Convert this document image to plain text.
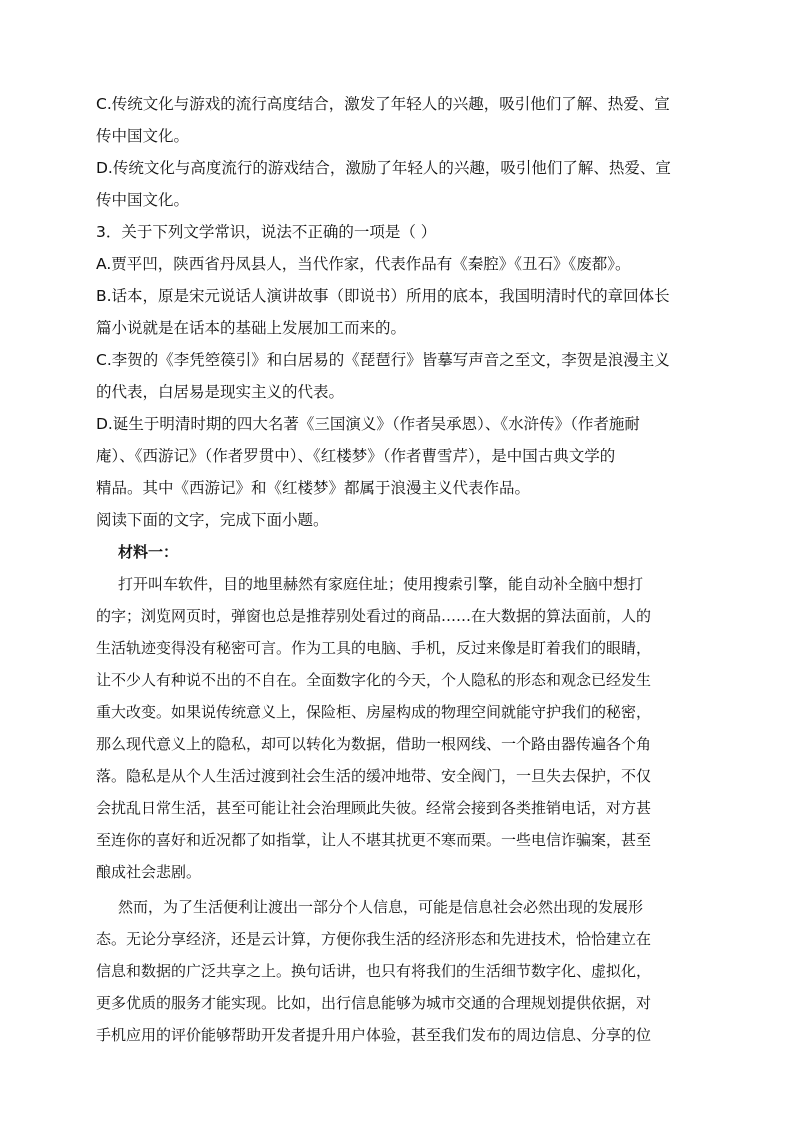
C.传统文化与游戏的流行高度结合，激发了年轻人的兴趣，吸引他们了解、热爱、宣
传中国文化。
D.传统文化与高度流行的游戏结合，激励了年轻人的兴趣，吸引他们了解、热爱、宣
传中国文化。
3．关于下列文学常识，说法不正确的一项是（ ）
A.贾平凹，陕西省丹凤县人，当代作家，代表作品有《秦腔》《丑石》《废都》。
B.话本，原是宋元说话人演讲故事（即说书）所用的底本，我国明清时代的章回体长
篇小说就是在话本的基础上发展加工而来的。
C.李贺的《李凭箜篌引》和白居易的《琵琶行》皆摹写声音之至文，李贺是浪漫主义
的代表，白居易是现实主义的代表。
D.诞生于明清时期的四大名著《三国演义》（作者吴承恩）、《水浒传》（作者施耐
庵）、《西游记》（作者罗贯中）、《红楼梦》（作者曹雪芹），是中国古典文学的
精品。其中《西游记》和《红楼梦》都属于浪漫主义代表作品。
阅读下面的文字，完成下面小题。
材料一：
打开叫车软件，目的地里赫然有家庭住址；使用搜索引擎，能自动补全脑中想打
的字；浏览网页时，弹窗也总是推荐别处看过的商品……在大数据的算法面前，人的
生活轨迹变得没有秘密可言。作为工具的电脑、手机，反过来像是盯着我们的眼睛，
让不少人有种说不出的不自在。全面数字化的今天，个人隐私的形态和观念已经发生
重大改变。如果说传统意义上，保险柜、房屋构成的物理空间就能守护我们的秘密，
那么现代意义上的隐私，却可以转化为数据，借助一根网线、一个路由器传遍各个角
落。隐私是从个人生活过渡到社会生活的缓冲地带、安全阀门，一旦失去保护，不仅
会扰乱日常生活，甚至可能让社会治理顾此失彼。经常会接到各类推销电话，对方甚
至连你的喜好和近况都了如指掌，让人不堪其扰更不寒而栗。一些电信诈骗案，甚至
酿成社会悲剧。
然而，为了生活便利让渡出一部分个人信息，可能是信息社会必然出现的发展形
态。无论分享经济，还是云计算，方便你我生活的经济形态和先进技术，恰恰建立在
信息和数据的广泛共享之上。换句话讲，也只有将我们的生活细节数字化、虚拟化，
更多优质的服务才能实现。比如，出行信息能够为城市交通的合理规划提供依据，对
手机应用的评价能够帮助开发者提升用户体验，甚至我们发布的周边信息、分享的位
